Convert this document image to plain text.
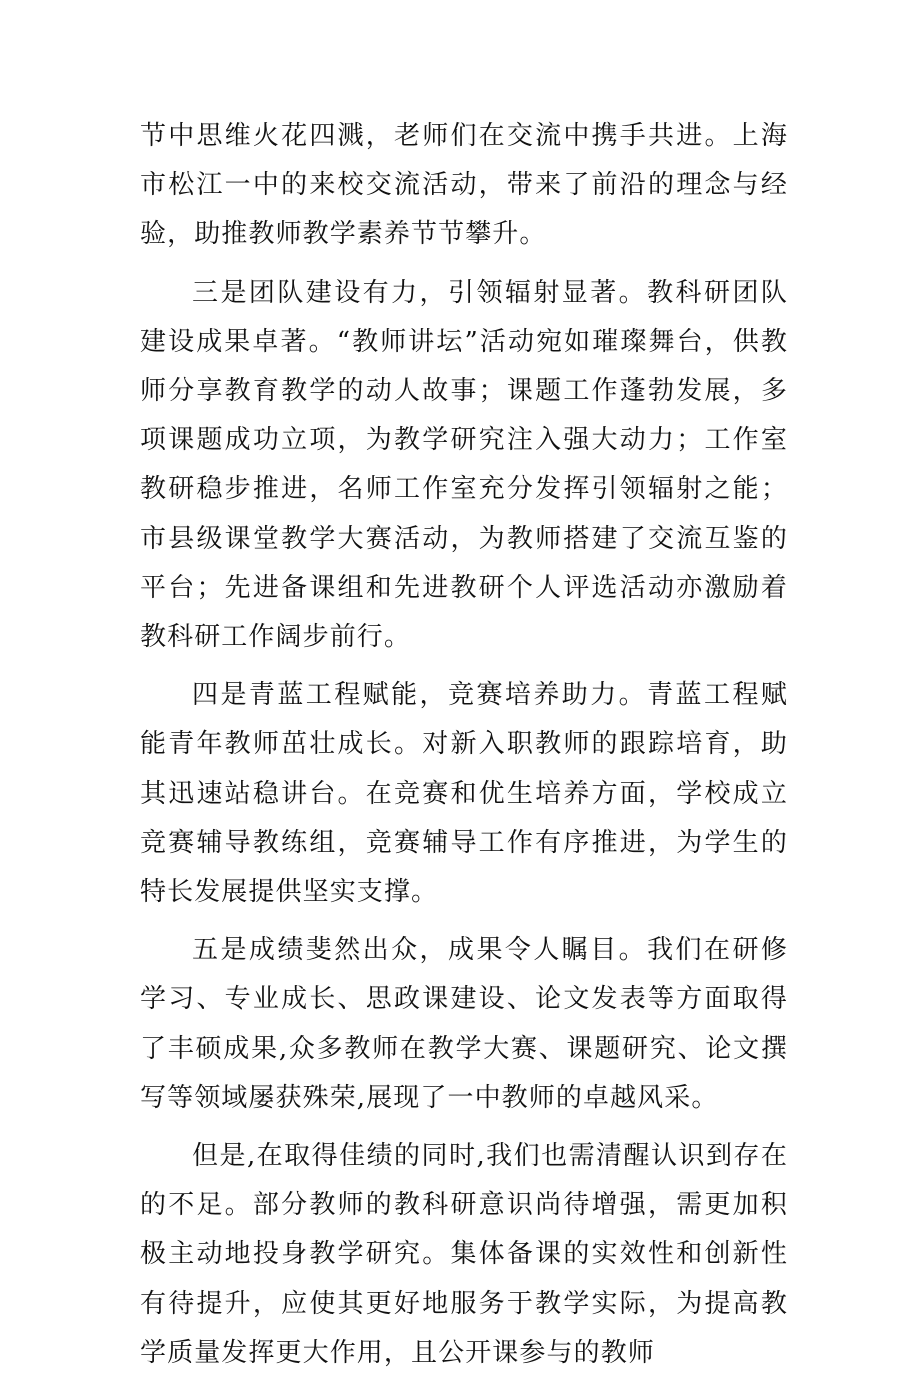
节中思维火花四溅，老师们在交流中携手共进。上海市松江一中的来校交流活动，带来了前沿的理念与经验，助推教师教学素养节节攀升。

三是团队建设有力，引领辐射显著。教科研团队建设成果卓著。“教师讲坛”活动宛如璀璨舞台，供教师分享教育教学的动人故事；课题工作蓬勃发展，多项课题成功立项，为教学研究注入强大动力；工作室教研稳步推进，名师工作室充分发挥引领辐射之能；市县级课堂教学大赛活动，为教师搭建了交流互鉴的平台；先进备课组和先进教研个人评选活动亦激励着教科研工作阔步前行。

四是青蓝工程赋能，竞赛培养助力。青蓝工程赋能青年教师茁壮成长。对新入职教师的跟踪培育，助其迅速站稳讲台。在竞赛和优生培养方面，学校成立竞赛辅导教练组，竞赛辅导工作有序推进，为学生的特长发展提供坚实支撑。

五是成绩斐然出众，成果令人瞩目。我们在研修学习、专业成长、思政课建设、论文发表等方面取得了丰硕成果,众多教师在教学大赛、课题研究、论文撰写等领域屡获殊荣,展现了一中教师的卓越风采。

但是,在取得佳绩的同时,我们也需清醒认识到存在的不足。部分教师的教科研意识尚待增强，需更加积极主动地投身教学研究。集体备课的实效性和创新性有待提升，应使其更好地服务于教学实际，为提高教学质量发挥更大作用，且公开课参与的教师
